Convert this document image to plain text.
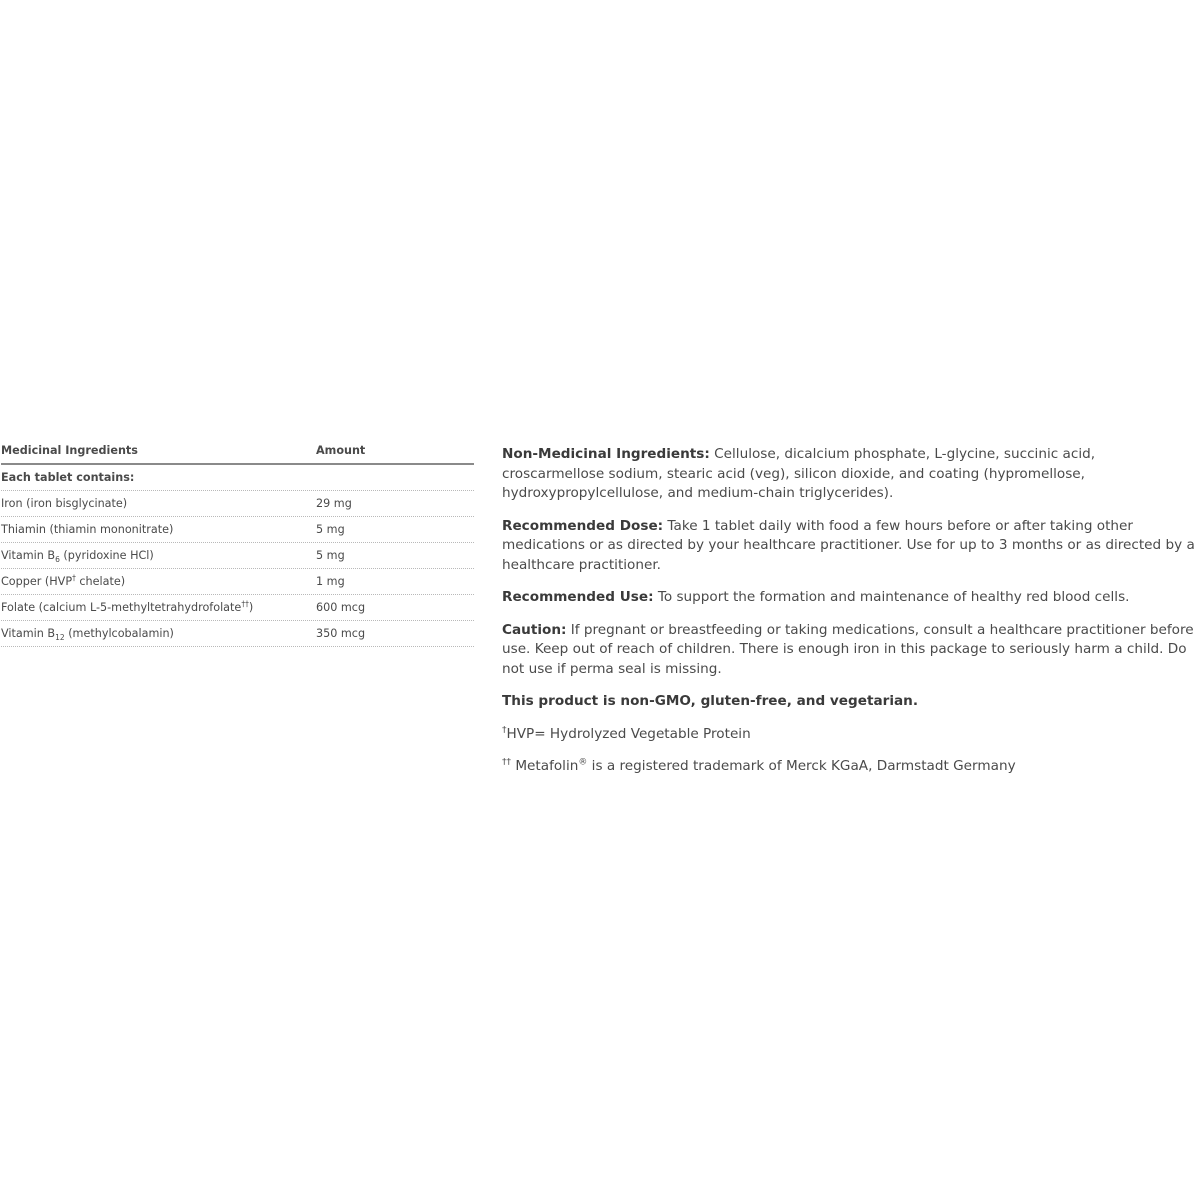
Medicinal Ingredients	Amount
Each tablet contains:
Iron (iron bisglycinate)	29 mg
Thiamin (thiamin mononitrate)	5 mg
Vitamin $B_6$ (pyridoxine HCl)	5 mg
Copper (HVP† chelate)	1 mg
Folate (calcium L-5-methyltetrahydrofolate††)	600 mcg
Vitamin $B_{12}$ (methylcobalamin)	350 mcg

Non-Medicinal Ingredients: Cellulose, dicalcium phosphate, L-glycine, succinic acid, croscarmellose sodium, stearic acid (veg), silicon dioxide, and coating (hypromellose, hydroxypropylcellulose, and medium-chain triglycerides).

Recommended Dose: Take 1 tablet daily with food a few hours before or after taking other medications or as directed by your healthcare practitioner. Use for up to 3 months or as directed by a healthcare practitioner.

Recommended Use: To support the formation and maintenance of healthy red blood cells.

Caution: If pregnant or breastfeeding or taking medications, consult a healthcare practitioner before use. Keep out of reach of children. There is enough iron in this package to seriously harm a child. Do not use if perma seal is missing.

This product is non-GMO, gluten-free, and vegetarian.

†HVP= Hydrolyzed Vegetable Protein

†† Metafolin® is a registered trademark of Merck KGaA, Darmstadt Germany
